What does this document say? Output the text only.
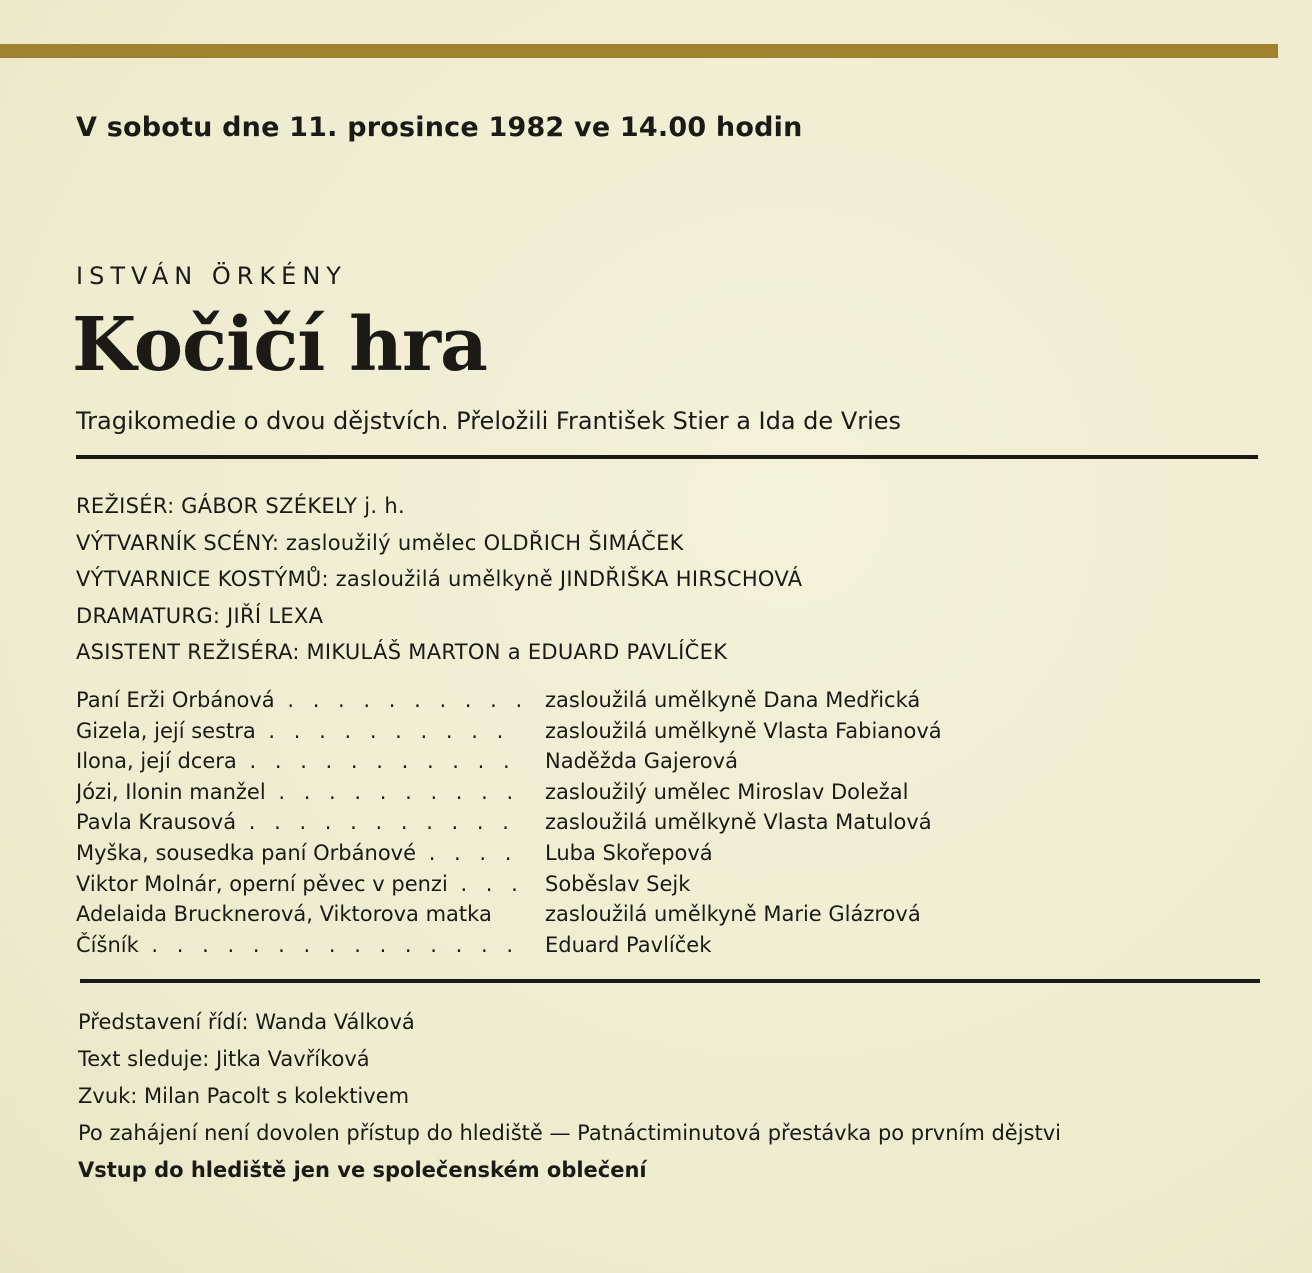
V sobotu dne 11. prosince 1982 ve 14.00 hodin
ISTVÁN ÖRKÉNY
Kočičí hra
Tragikomedie o dvou dějstvích. Přeložili František Stier a Ida de Vries
REŽISÉR: GÁBOR SZÉKELY j. h.
VÝTVARNÍK SCÉNY: zasloužilý umělec OLDŘICH ŠIMÁČEK
VÝTVARNICE KOSTÝMŮ: zasloužilá umělkyně JINDŘIŠKA HIRSCHOVÁ
DRAMATURG: JIŘÍ LEXA
ASISTENT REŽISÉRA: MIKULÁŠ MARTON a EDUARD PAVLÍČEK
Paní Erži Orbánová . . .	zasloužilá umělkyně Dana Medřická
Gizela, její sestra . . .	zasloužilá umělkyně Vlasta Fabianová
Ilona, její dcera . . .	Naděžda Gajerová
Józi, Ilonin manžel . . .	zasloužilý umělec Miroslav Doležal
Pavla Krausová . . .	zasloužilá umělkyně Vlasta Matulová
Myška, sousedka paní Orbánové . . .	Luba Skořepová
Viktor Molnár, operní pěvec v penzi . . .	Soběslav Sejk
Adelaida Brucknerová, Viktorova matka	zasloužilá umělkyně Marie Glázrová
Číšník . . .	Eduard Pavlíček
Představení řídí: Wanda Válková
Text sleduje: Jitka Vavříková
Zvuk: Milan Pacolt s kolektivem
Po zahájení není dovolen přístup do hlediště — Patnáctiminutová přestávka po prvním dějstvi
Vstup do hlediště jen ve společenském oblečení
